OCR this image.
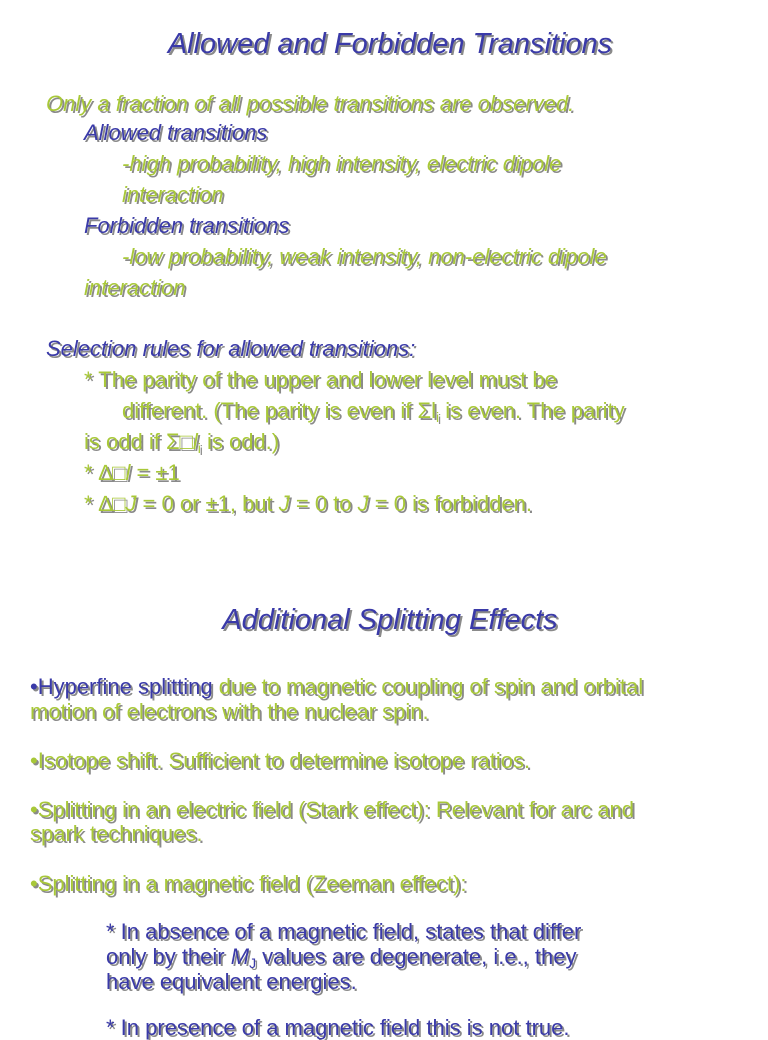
Allowed and Forbidden Transitions
Only a fraction of all possible transitions are observed.
Allowed transitions
-high probability, high intensity, electric dipole
interaction
Forbidden transitions
-low probability, weak intensity, non-electric dipole
interaction
Selection rules for allowed transitions:
* The parity of the upper and lower level must be
different. (The parity is even if $\Sigma l_i$ is even. The parity
is odd if $\Sigma□l_i$ is odd.)
* ∆□l = ±1
* ∆□J = 0 or ±1, but J = 0 to J = 0 is forbidden.
Additional Splitting Effects
•Hyperfine splitting due to magnetic coupling of spin and orbital
motion of electrons with the nuclear spin.
•Isotope shift. Sufficient to determine isotope ratios.
•Splitting in an electric field (Stark effect): Relevant for arc and
spark techniques.
•Splitting in a magnetic field (Zeeman effect):
* In absence of a magnetic field, states that differ
only by their $M_J$ values are degenerate, i.e., they
have equivalent energies.
* In presence of a magnetic field this is not true.
